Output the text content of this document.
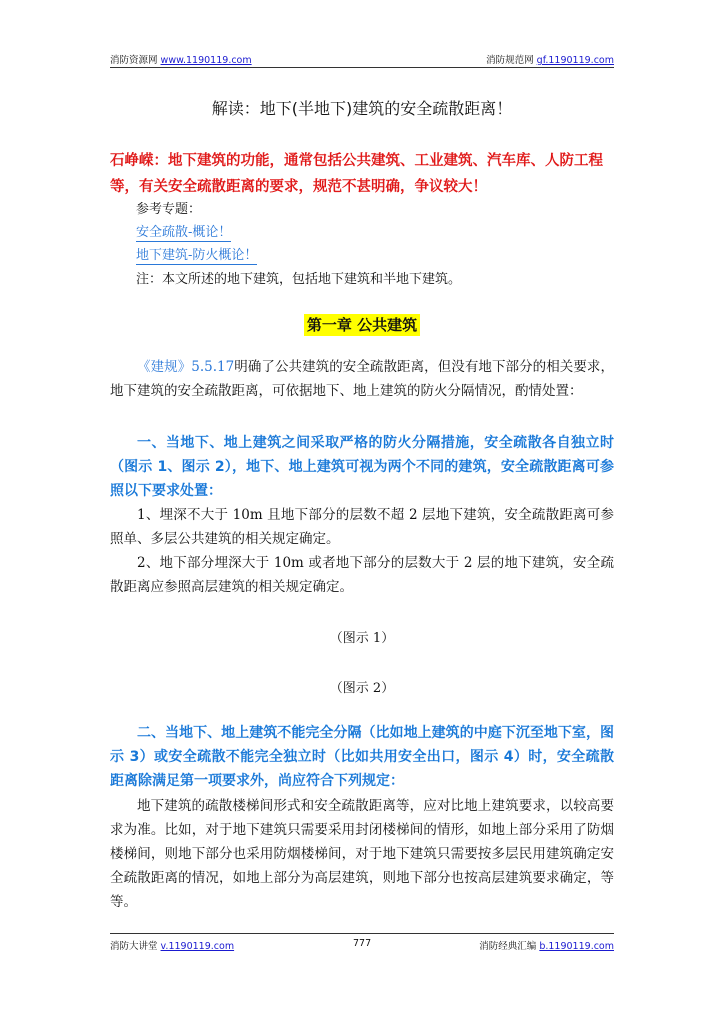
消防资源网 www.1190119.com	消防规范网 gf.1190119.com
解读：地下(半地下)建筑的安全疏散距离！

石峥嵘：地下建筑的功能，通常包括公共建筑、工业建筑、汽车库、人防工程等，有关安全疏散距离的要求，规范不甚明确，争议较大！

参考专题：
安全疏散-概论！
地下建筑-防火概论！
注：本文所述的地下建筑，包括地下建筑和半地下建筑。
第一章 公共建筑

《建规》5.5.17明确了公共建筑的安全疏散距离，但没有地下部分的相关要求，地下建筑的安全疏散距离，可依据地下、地上建筑的防火分隔情况，酌情处置：

一、当地下、地上建筑之间采取严格的防火分隔措施，安全疏散各自独立时（图示 1、图示 2），地下、地上建筑可视为两个不同的建筑，安全疏散距离可参照以下要求处置：

1、埋深不大于 10m 且地下部分的层数不超 2 层地下建筑，安全疏散距离可参照单、多层公共建筑的相关规定确定。

2、地下部分埋深大于 10m 或者地下部分的层数大于 2 层的地下建筑，安全疏散距离应参照高层建筑的相关规定确定。

（图示 1）
（图示 2）

二、当地下、地上建筑不能完全分隔（比如地上建筑的中庭下沉至地下室，图示 3）或安全疏散不能完全独立时（比如共用安全出口，图示 4）时，安全疏散距离除满足第一项要求外，尚应符合下列规定：

地下建筑的疏散楼梯间形式和安全疏散距离等，应对比地上建筑要求，以较高要求为准。比如，对于地下建筑只需要采用封闭楼梯间的情形，如地上部分采用了防烟楼梯间，则地下部分也采用防烟楼梯间，对于地下建筑只需要按多层民用建筑确定安全疏散距离的情况，如地上部分为高层建筑，则地下部分也按高层建筑要求确定，等等。

消防大讲堂 v.1190119.com	777	消防经典汇编 b.1190119.com
